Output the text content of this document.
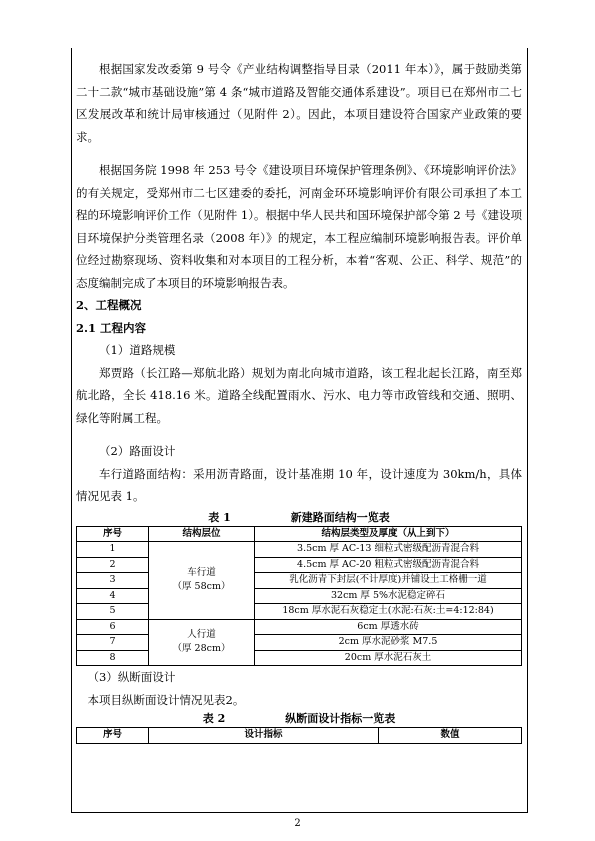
根据国家发改委第 9 号令《产业结构调整指导目录（2011 年本）》，属于鼓励类第二十二款“城市基础设施”第 4 条“城市道路及智能交通体系建设”。项目已在郑州市二七区发展改革和统计局审核通过（见附件 2）。因此，本项目建设符合国家产业政策的要求。

根据国务院 1998 年 253 号令《建设项目环境保护管理条例》、《环境影响评价法》的有关规定，受郑州市二七区建委的委托，河南金环环境影响评价有限公司承担了本工程的环境影响评价工作（见附件 1）。根据中华人民共和国环境保护部令第 2 号《建设项目环境保护分类管理名录（2008 年）》的规定，本工程应编制环境影响报告表。评价单位经过勘察现场、资料收集和对本项目的工程分析，本着“客观、公正、科学、规范”的态度编制完成了本项目的环境影响报告表。

2、工程概况

2.1 工程内容

（1）道路规模

郑贾路（长江路—郑航北路）规划为南北向城市道路，该工程北起长江路，南至郑航北路，全长 418.16 米。道路全线配置雨水、污水、电力等市政管线和交通、照明、绿化等附属工程。

（2）路面设计

车行道路面结构：采用沥青路面，设计基准期 10 年，设计速度为 30km/h，具体情况见表 1。

表 1	新建路面结构一览表
序号	结构层位	结构层类型及厚度（从上到下）
1	车行道
（厚 58cm）	3.5cm 厚 AC-13 细粒式密级配沥青混合料
2		4.5cm 厚 AC-20 粗粒式密级配沥青混合料
3		乳化沥青下封层(不计厚度)并铺设土工格栅一道
4		32cm 厚 5%水泥稳定碎石
5		18cm 厚水泥石灰稳定土(水泥:石灰:土=4:12:84)
6	人行道
（厚 28cm）	6cm 厚透水砖
7		2cm 厚水泥砂浆 M7.5
8		20cm 厚水泥石灰土

（3）纵断面设计

本项目纵断面设计情况见表2。

表 2	纵断面设计指标一览表
序号	设计指标	数值
2
